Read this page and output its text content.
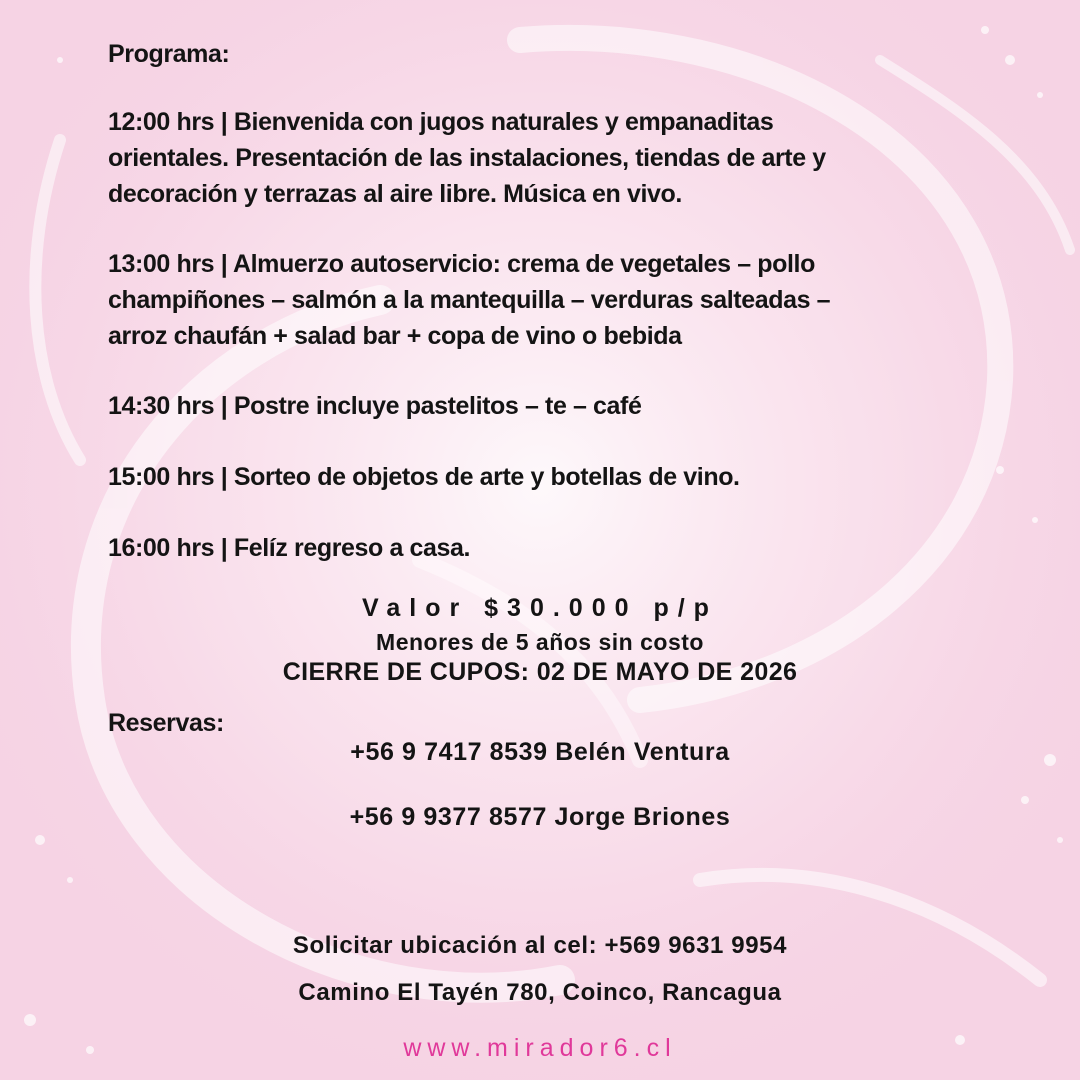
Programa:

12:00 hrs | Bienvenida con jugos naturales y empanaditas

orientales. Presentación de las instalaciones, tiendas de arte y

decoración y terrazas al aire libre. Música en vivo.

13:00 hrs | Almuerzo autoservicio: crema de vegetales – pollo

champiñones – salmón a la mantequilla – verduras salteadas –

arroz chaufán + salad bar + copa de vino o bebida

14:30 hrs | Postre incluye pastelitos – te – café

15:00 hrs | Sorteo de objetos de arte y botellas de vino.

16:00 hrs | Felíz regreso a casa.

Valor $30.000 p/p

Menores de 5 años sin costo

CIERRE DE CUPOS: 02 DE MAYO DE 2026

Reservas:

+56 9 7417 8539 Belén Ventura

+56 9 9377 8577 Jorge Briones

Solicitar ubicación al cel: +569 9631 9954

Camino El Tayén 780, Coinco, Rancagua

www.mirador6.cl
